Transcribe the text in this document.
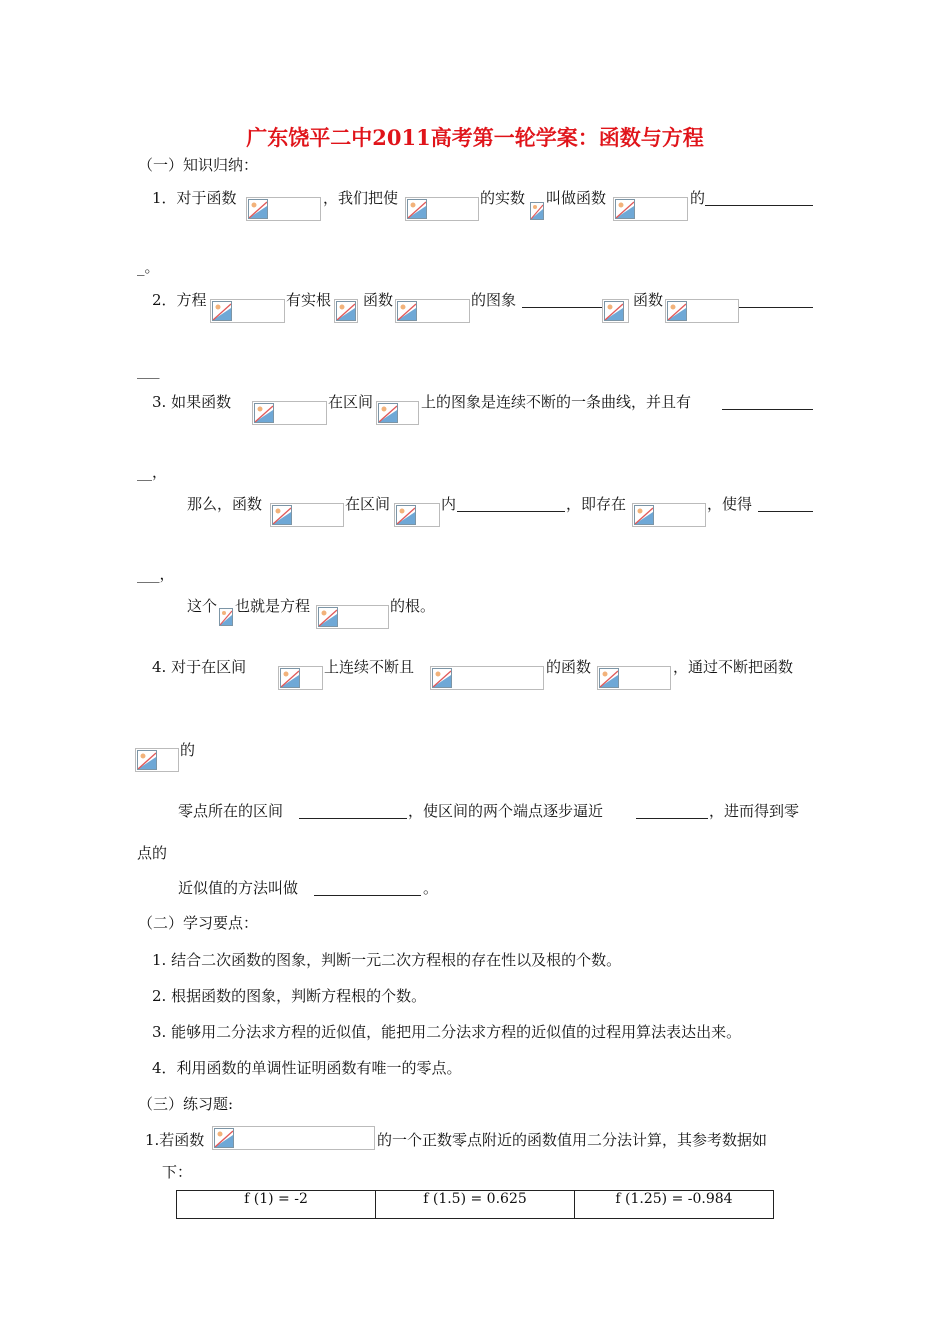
广东饶平二中2011高考第一轮学案：函数与方程
（一）知识归纳：
1．对于函数	，我们把使	的实数 叫做函数	的
_。
2．方程	有实根 函数	的图象	函数
___
3. 如果函数	在区间	上的图象是连续不断的一条曲线，并且有
__，
那么，函数	在区间	内	，即存在	，使得
___，
这个 也就是方程	的根。
4. 对于在区间	上连续不断且	的函数	，通过不断把函数
的
零点所在的区间	，使区间的两个端点逐步逼近	，进而得到零
点的
近似值的方法叫做	。
（二）学习要点：
1. 结合二次函数的图象，判断一元二次方程根的存在性以及根的个数。
2. 根据函数的图象，判断方程根的个数。
3. 能够用二分法求方程的近似值，能把用二分法求方程的近似值的过程用算法表达出来。
4．利用函数的单调性证明函数有唯一的零点。
（三）练习题:
1.若函数	的一个正数零点附近的函数值用二分法计算，其参考数据如
下：
f (1) = -2	f (1.5) = 0.625	f (1.25) = -0.984
